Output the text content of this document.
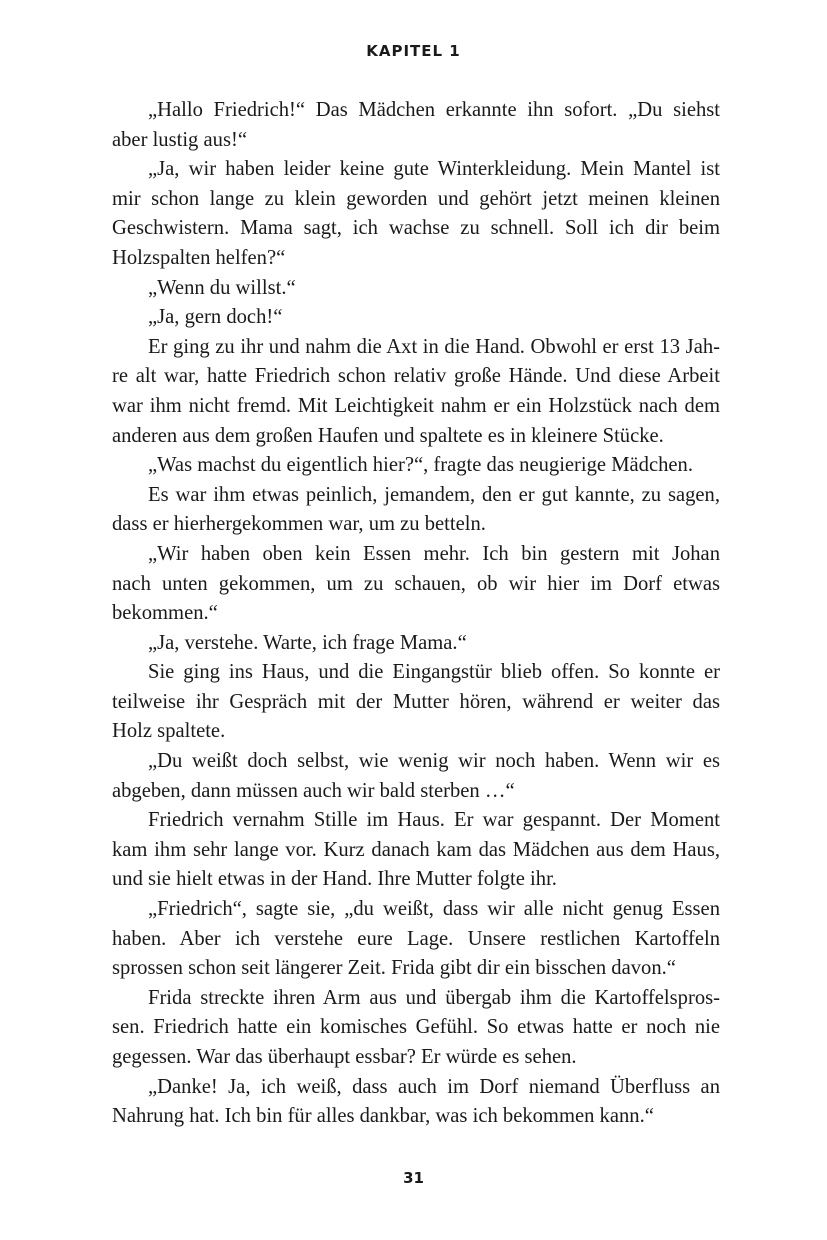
KAPITEL 1
„Hallo Friedrich!“ Das Mädchen erkannte ihn sofort. „Du siehst
aber lustig aus!“
„Ja, wir haben leider keine gute Winterkleidung. Mein Mantel ist
mir schon lange zu klein geworden und gehört jetzt meinen kleinen
Geschwistern. Mama sagt, ich wachse zu schnell. Soll ich dir beim
Holzspalten helfen?“
„Wenn du willst.“
„Ja, gern doch!“
Er ging zu ihr und nahm die Axt in die Hand. Obwohl er erst 13 Jah-
re alt war, hatte Friedrich schon relativ große Hände. Und diese Arbeit
war ihm nicht fremd. Mit Leichtigkeit nahm er ein Holzstück nach dem
anderen aus dem großen Haufen und spaltete es in kleinere Stücke.
„Was machst du eigentlich hier?“, fragte das neugierige Mädchen.
Es war ihm etwas peinlich, jemandem, den er gut kannte, zu sagen,
dass er hierhergekommen war, um zu betteln.
„Wir haben oben kein Essen mehr. Ich bin gestern mit Johan
nach unten gekommen, um zu schauen, ob wir hier im Dorf etwas
bekommen.“
„Ja, verstehe. Warte, ich frage Mama.“
Sie ging ins Haus, und die Eingangstür blieb offen. So konnte er
teilweise ihr Gespräch mit der Mutter hören, während er weiter das
Holz spaltete.
„Du weißt doch selbst, wie wenig wir noch haben. Wenn wir es
abgeben, dann müssen auch wir bald sterben …“
Friedrich vernahm Stille im Haus. Er war gespannt. Der Moment
kam ihm sehr lange vor. Kurz danach kam das Mädchen aus dem Haus,
und sie hielt etwas in der Hand. Ihre Mutter folgte ihr.
„Friedrich“, sagte sie, „du weißt, dass wir alle nicht genug Essen
haben. Aber ich verstehe eure Lage. Unsere restlichen Kartoffeln
sprossen schon seit längerer Zeit. Frida gibt dir ein bisschen davon.“
Frida streckte ihren Arm aus und übergab ihm die Kartoffelspros-
sen. Friedrich hatte ein komisches Gefühl. So etwas hatte er noch nie
gegessen. War das überhaupt essbar? Er würde es sehen.
„Danke! Ja, ich weiß, dass auch im Dorf niemand Überfluss an
Nahrung hat. Ich bin für alles dankbar, was ich bekommen kann.“
31
